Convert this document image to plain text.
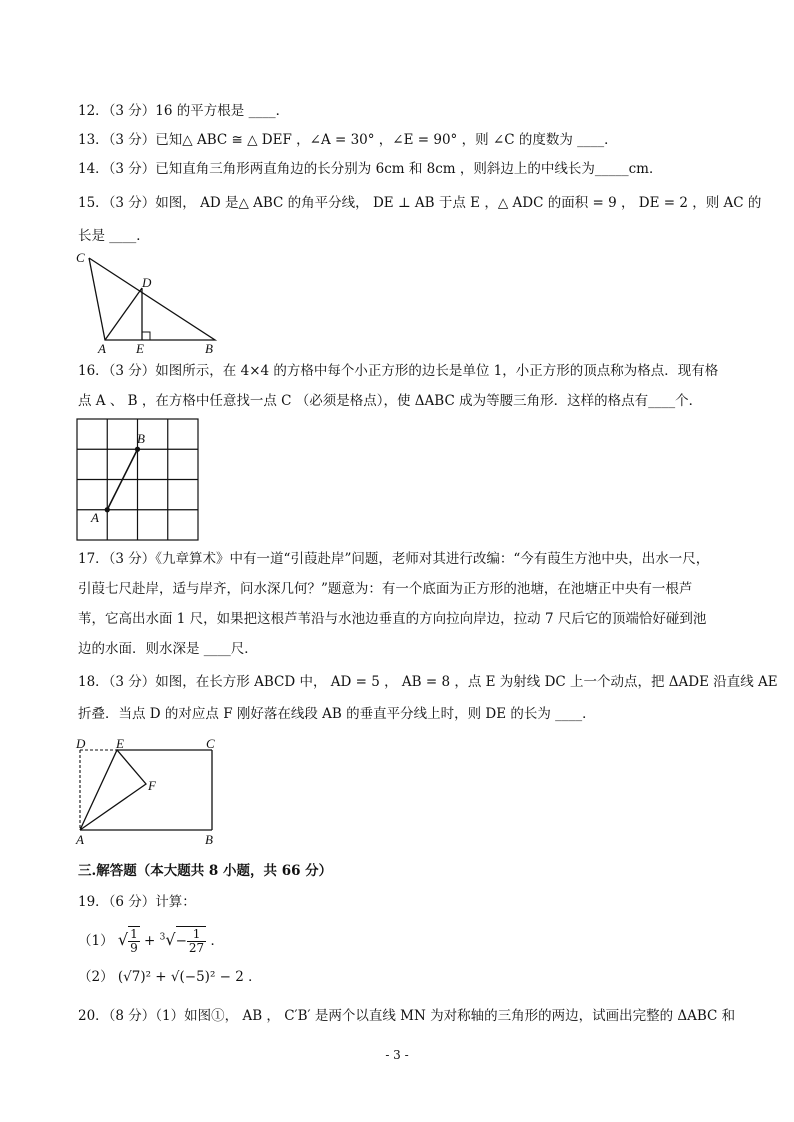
12．（3 分）16 的平方根是 ____．
13．（3 分）已知△ ABC ≅ △ DEF ，∠A = 30° ，∠E = 90° ，则 ∠C 的度数为 ____．
14．（3 分）已知直角三角形两直角边的长分别为 6cm 和 8cm ，则斜边上的中线长为_____cm．
15．（3 分）如图， AD 是△ ABC 的角平分线， DE ⊥ AB 于点 E ，△ ADC 的面积 = 9 ， DE = 2 ，则 AC 的
长是 ____．
C
D
A E	B
16．（3 分）如图所示，在 4×4 的方格中每个小正方形的边长是单位 1，小正方形的顶点称为格点．现有格
点 A 、 B ，在方格中任意找一点 C （必须是格点），使 ΔABC 成为等腰三角形．这样的格点有____个．
A
B
17．（3 分）《九章算术》中有一道“引葭赴岸”问题，老师对其进行改编：“今有葭生方池中央，出水一尺，
引葭七尺赴岸，适与岸齐，问水深几何？”题意为：有一个底面为正方形的池塘，在池塘正中央有一根芦
苇，它高出水面 1 尺，如果把这根芦苇沿与水池边垂直的方向拉向岸边，拉动 7 尺后它的顶端恰好碰到池
边的水面．则水深是 ____尺．
18．（3 分）如图，在长方形 ABCD 中， AD = 5 ， AB = 8 ，点 E 为射线 DC 上一个动点，把 ΔADE 沿直线 AE
折叠．当点 D 的对应点 F 刚好落在线段 AB 的垂直平分线上时，则 DE 的长为 ____．
D E	C
F
A	B
三.解答题（本大题共 8 小题，共 66 分）
19．（6 分）计算：
（1） √ $\frac{1}{9} + ^3√- \frac{1}{27}$ ．
（2） (√7)² + √(−5)² − 2 ．
20．（8 分）（1）如图①， AB ， C′B′ 是两个以直线 MN 为对称轴的三角形的两边，试画出完整的 ΔABC 和
- 3 -
